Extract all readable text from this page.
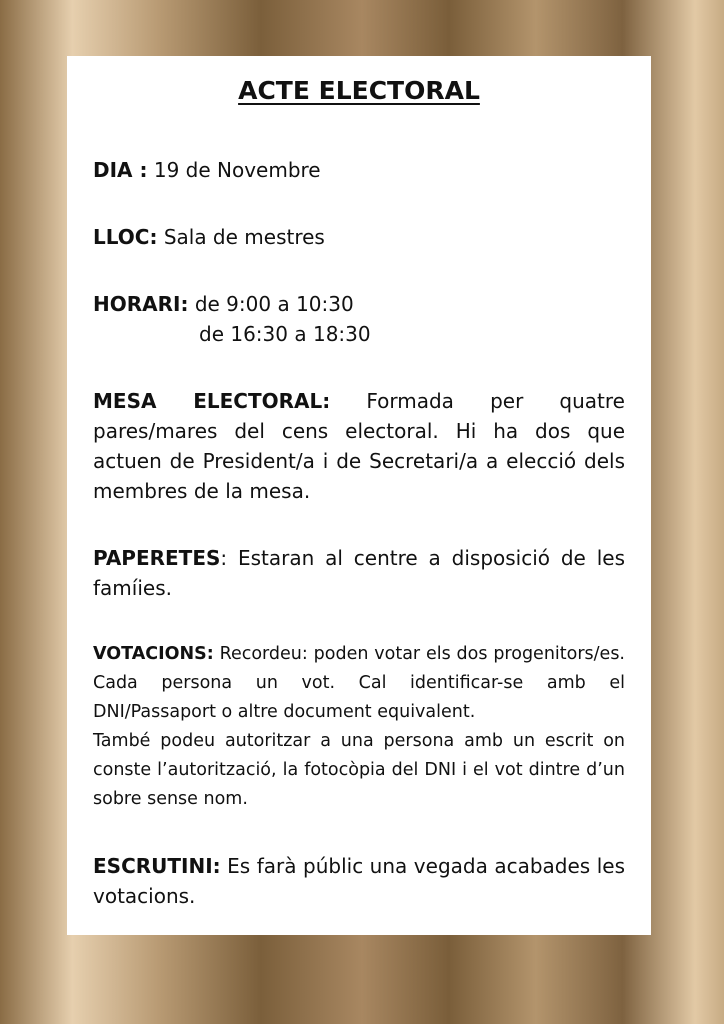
ACTE ELECTORAL

DIA : 19 de Novembre

LLOC: Sala de mestres

HORARI: de 9:00 a 10:30

de 16:30 a 18:30

MESA ELECTORAL: Formada per quatre pares/mares del cens electoral. Hi ha dos que actuen de President/a i de Secretari/a a elecció dels membres de la mesa.

PAPERETES: Estaran al centre a disposició de les famíies.

VOTACIONS: Recordeu: poden votar els dos progenitors/es. Cada persona un vot. Cal identificar-se amb el DNI/Passaport o altre document equivalent.

També podeu autoritzar a una persona amb un escrit on conste l’autorització, la fotocòpia del DNI i el vot dintre d’un sobre sense nom.

ESCRUTINI: Es farà públic una vegada acabades les votacions.
